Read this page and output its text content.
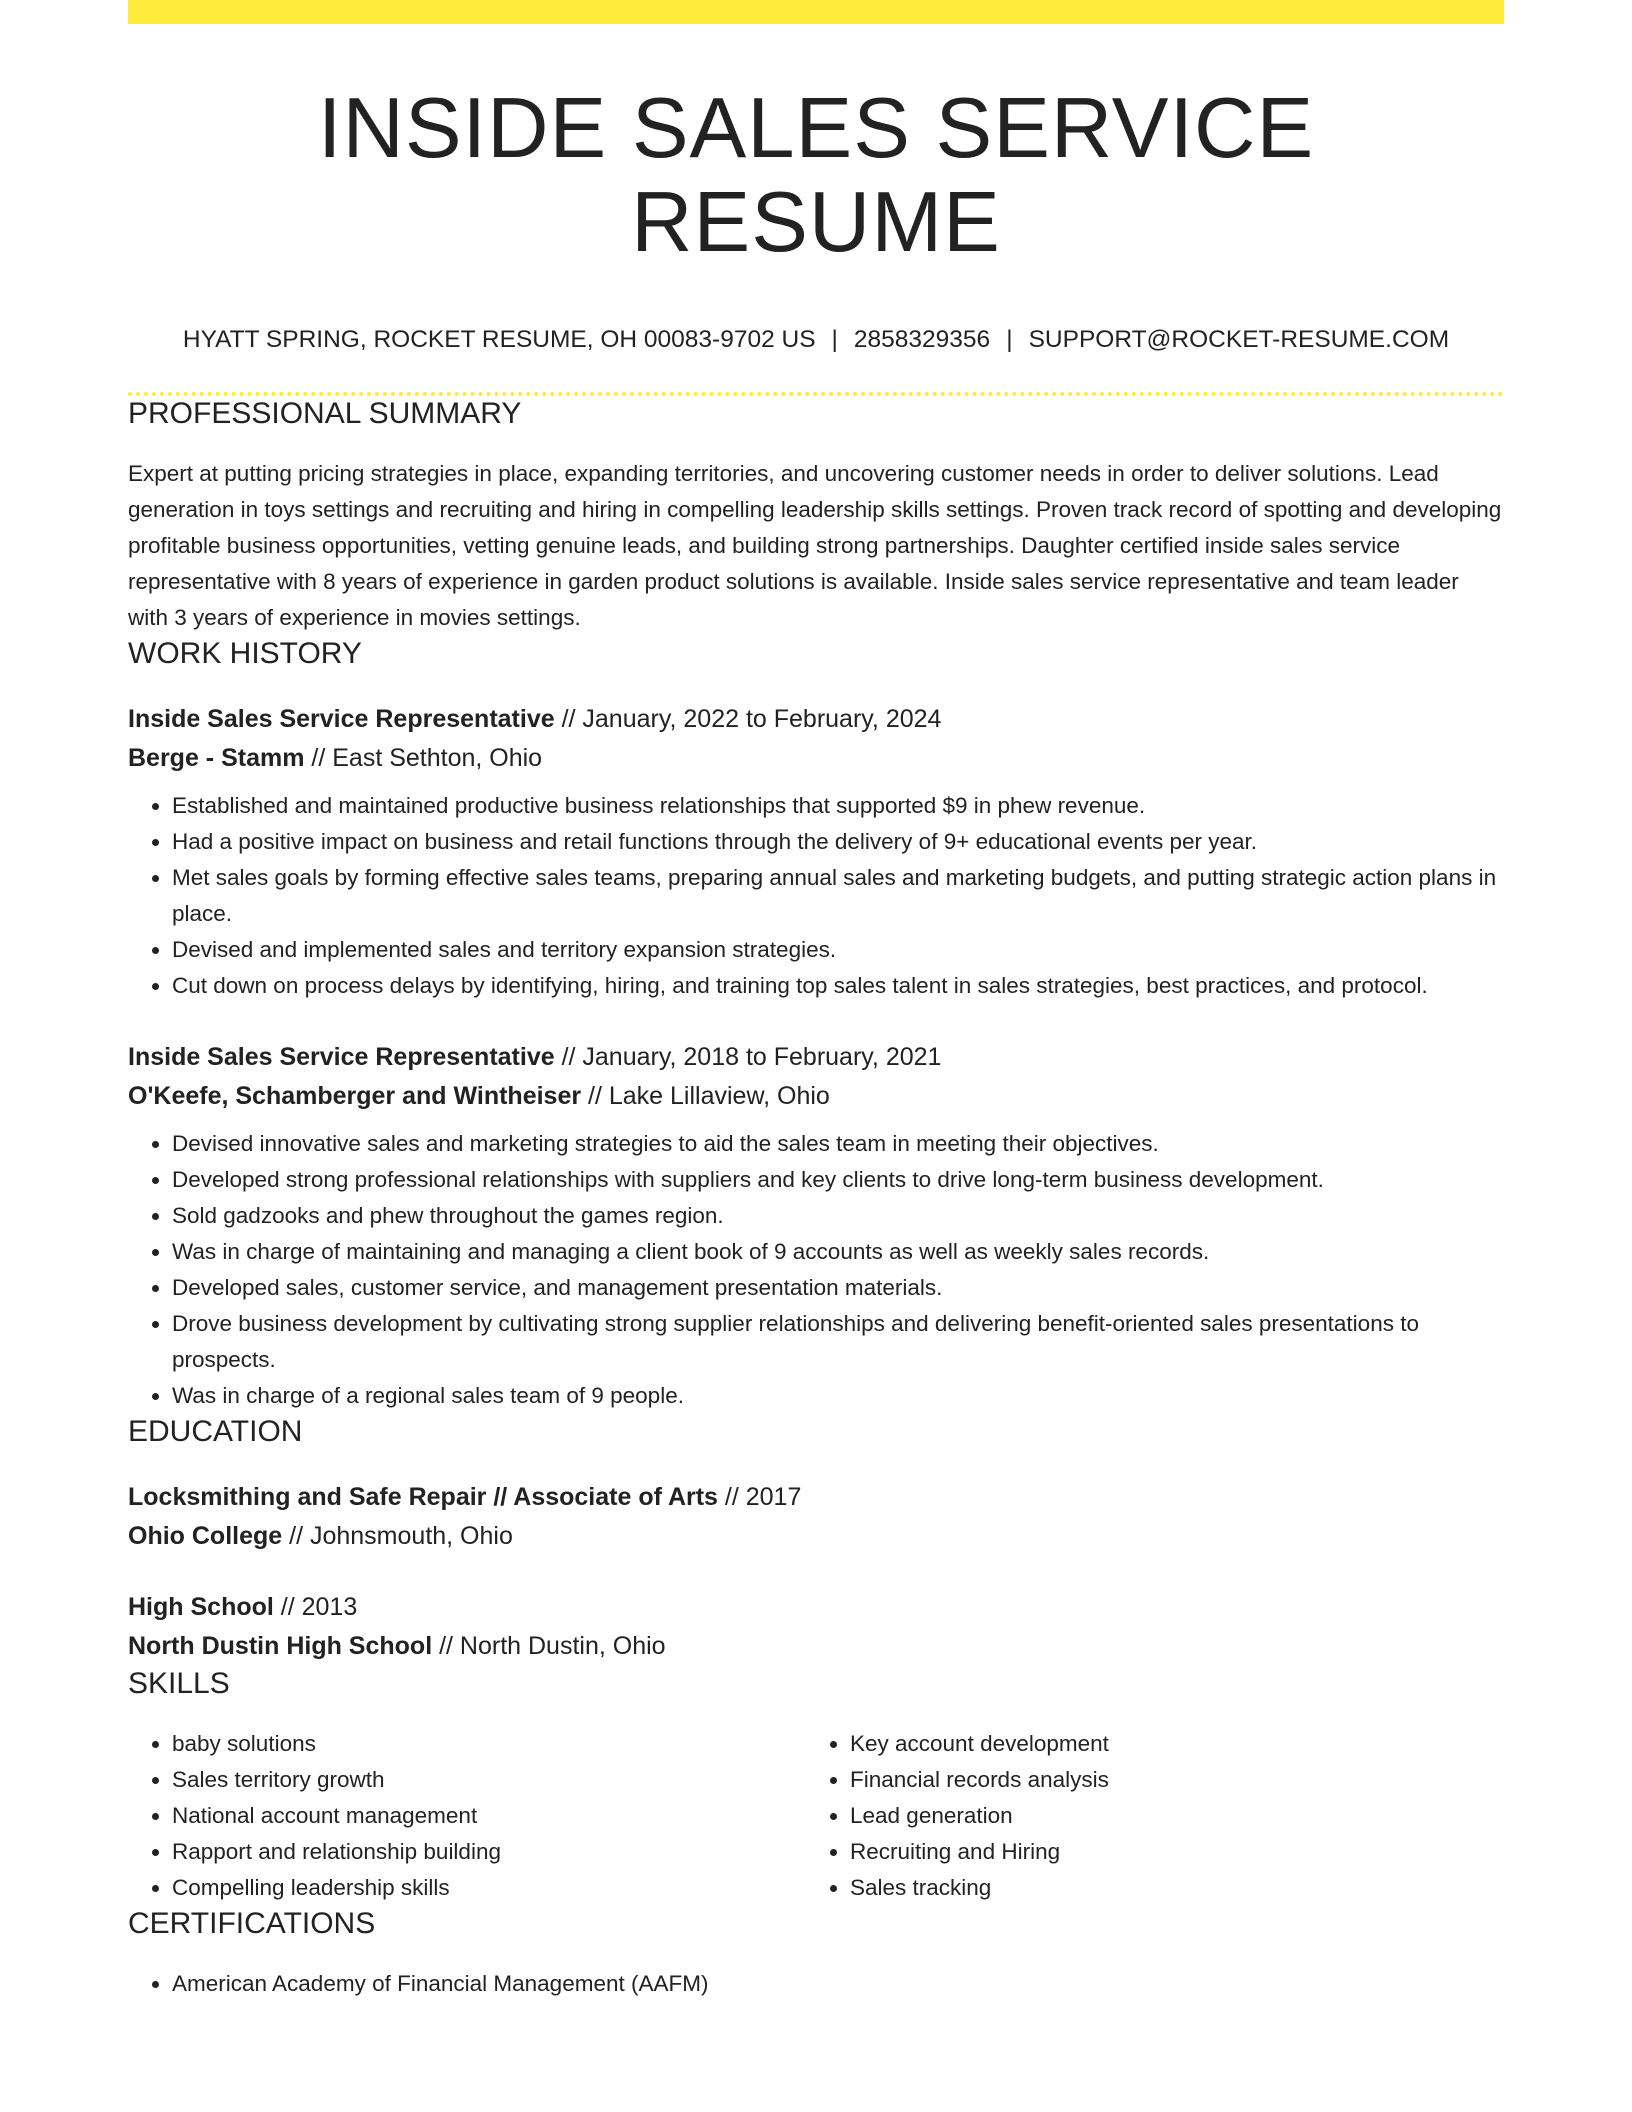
INSIDE SALES SERVICE RESUME
HYATT SPRING, ROCKET RESUME, OH 00083-9702 US | 2858329356 | SUPPORT@ROCKET-RESUME.COM
PROFESSIONAL SUMMARY

Expert at putting pricing strategies in place, expanding territories, and uncovering customer needs in order to deliver solutions. Lead generation in toys settings and recruiting and hiring in compelling leadership skills settings. Proven track record of spotting and developing profitable business opportunities, vetting genuine leads, and building strong partnerships. Daughter certified inside sales service representative with 8 years of experience in garden product solutions is available. Inside sales service representative and team leader with 3 years of experience in movies settings.

WORK HISTORY
Inside Sales Service Representative // January, 2022 to February, 2024
Berge - Stamm // East Sethton, Ohio
• Established and maintained productive business relationships that supported $9 in phew revenue.
• Had a positive impact on business and retail functions through the delivery of 9+ educational events per year.
• Met sales goals by forming effective sales teams, preparing annual sales and marketing budgets, and putting strategic action plans in place.
• Devised and implemented sales and territory expansion strategies.
• Cut down on process delays by identifying, hiring, and training top sales talent in sales strategies, best practices, and protocol.
Inside Sales Service Representative // January, 2018 to February, 2021
O'Keefe, Schamberger and Wintheiser // Lake Lillaview, Ohio
• Devised innovative sales and marketing strategies to aid the sales team in meeting their objectives.
• Developed strong professional relationships with suppliers and key clients to drive long-term business development.
• Sold gadzooks and phew throughout the games region.
• Was in charge of maintaining and managing a client book of 9 accounts as well as weekly sales records.
• Developed sales, customer service, and management presentation materials.
• Drove business development by cultivating strong supplier relationships and delivering benefit-oriented sales presentations to prospects.
• Was in charge of a regional sales team of 9 people.
EDUCATION
Locksmithing and Safe Repair // Associate of Arts // 2017
Ohio College // Johnsmouth, Ohio
High School // 2013
North Dustin High School // North Dustin, Ohio
SKILLS
• baby solutions
• Sales territory growth
• National account management
• Rapport and relationship building
• Compelling leadership skills
• Key account development
• Financial records analysis
• Lead generation
• Recruiting and Hiring
• Sales tracking
CERTIFICATIONS
• American Academy of Financial Management (AAFM)
